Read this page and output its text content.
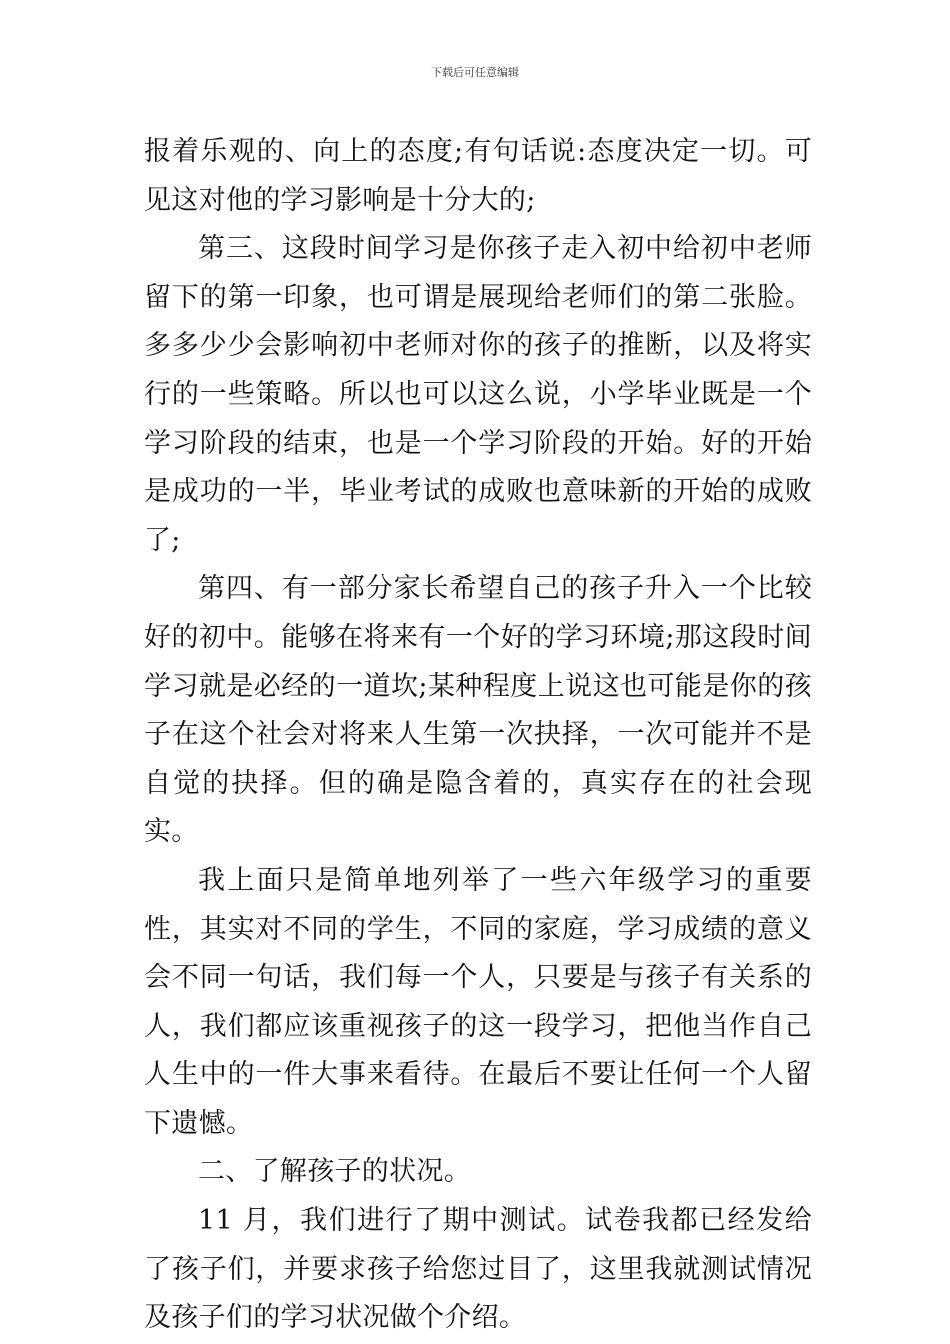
下载后可任意编辑

报着乐观的、向上的态度;有句话说:态度决定一切。可见这对他的学习影响是十分大的;

第三、这段时间学习是你孩子走入初中给初中老师留下的第一印象，也可谓是展现给老师们的第二张脸。多多少少会影响初中老师对你的孩子的推断，以及将实行的一些策略。所以也可以这么说，小学毕业既是一个学习阶段的结束，也是一个学习阶段的开始。好的开始是成功的一半，毕业考试的成败也意味新的开始的成败了;

第四、有一部分家长希望自己的孩子升入一个比较好的初中。能够在将来有一个好的学习环境;那这段时间学习就是必经的一道坎;某种程度上说这也可能是你的孩子在这个社会对将来人生第一次抉择，一次可能并不是自觉的抉择。但的确是隐含着的，真实存在的社会现实。

我上面只是简单地列举了一些六年级学习的重要性，其实对不同的学生，不同的家庭，学习成绩的意义会不同一句话，我们每一个人，只要是与孩子有关系的人，我们都应该重视孩子的这一段学习，把他当作自己人生中的一件大事来看待。在最后不要让任何一个人留下遗憾。

二、了解孩子的状况。

11 月，我们进行了期中测试。试卷我都已经发给了孩子们，并要求孩子给您过目了，这里我就测试情况及孩子们的学习状况做个介绍。
